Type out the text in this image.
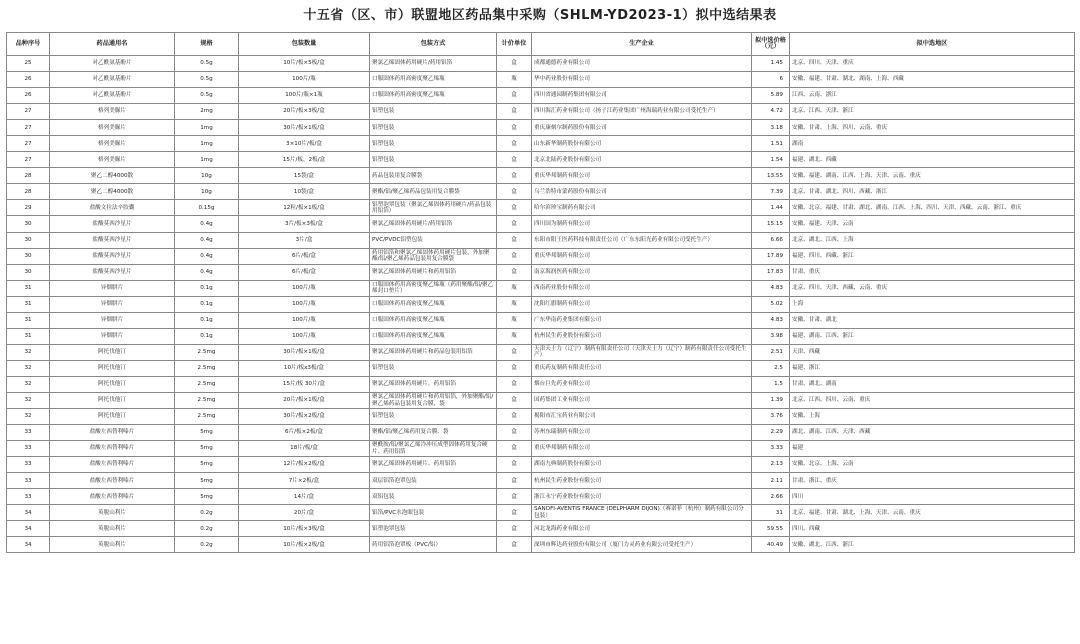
十五省（区、市）联盟地区药品集中采购（SHLM-YD2023-1）拟中选结果表
品种序号	药品通用名	规格	包装数量	包装方式	计价单位	生产企业	拟中选价格（元）	拟中选地区
25	对乙酰氨基酚片	0.5g	10片/板×5板/盒	聚氯乙烯固体药用硬片/药用铝箔	盒	成都通德药业有限公司	1.45	北京、四川、天津、重庆
26	对乙酰氨基酚片	0.5g	100片/瓶	口服固体药用高密度聚乙烯瓶	瓶	华中药业股份有限公司	6	安徽、福建、甘肃、湖北、湖南、上海、西藏
26	对乙酰氨基酚片	0.5g	100片/瓶×1瓶	口服固体药用高密度聚乙烯瓶	盒	四川省通园制药集团有限公司	5.89	江西、云南、浙江
27	格列美脲片	2mg	20片/板×3板/盒	铝塑包装	盒	四川海汇药业有限公司（扬子江药业集团广州海瑞药业有限公司受托生产）	4.72	北京、江西、天津、浙江
27	格列美脲片	1mg	30片/板×1板/盒	铝塑包装	盒	重庆康刻尔制药股份有限公司	3.18	安徽、甘肃、上海、四川、云南、重庆
27	格列美脲片	1mg	3×10片/板/盒	铝塑包装	盒	山东新华制药股份有限公司	1.51	湖南
27	格列美脲片	1mg	15片/板，2板/盒	铝塑包装	盒	北京北陆药业股份有限公司	1.54	福建、湖北、西藏
28	聚乙二醇4000散	10g	15袋/盒	药品包装用复合膜袋	盒	重庆华邦制药有限公司	13.55	安徽、福建、湖南、江西、上海、天津、云南、重庆
28	聚乙二醇4000散	10g	10袋/盒	聚酯/铝/聚乙烯药品包装用复合膜袋	盒	乌兰浩特市蒙药股份有限公司	7.39	北京、甘肃、湖北、四川、西藏、浙江
29	盐酸文拉法辛胶囊	0.15g	12粒/板×1板/盒	铝塑泡罩包装（聚氯乙烯固体药用硬片/药品包装用铝箔）	盒	哈尔滨珍宝制药有限公司	1.44	安徽、北京、福建、甘肃、湖北、湖南、江西、上海、四川、天津、西藏、云南、浙江、重庆
30	盐酸莫西沙星片	0.4g	3片/板×3板/盒	聚氯乙烯固体药用硬片/药用铝箔	盒	四川国为制药有限公司	15.15	安徽、福建、天津、云南
30	盐酸莫西沙星片	0.4g	3片/盒	PVC/PVDC铝塑包装	盒	东阳市阳王医药科技有限责任公司（广东东阳光药业有限公司受托生产）	6.66	北京、湖北、江西、上海
30	盐酸莫西沙星片	0.4g	6片/板/盒	药用铝箔和聚氯乙烯固体药用硬片包装，外加聚酯/铝/聚乙烯药品包装用复合膜袋	盒	重庆华邦制药有限公司	17.89	福建、四川、西藏、浙江
30	盐酸莫西沙星片	0.4g	6片/板/盒	聚氯乙烯固体药用硬片和药用铝箔	盒	南京海润医药有限公司	17.83	甘肃、重庆
31	异烟肼片	0.1g	100片/瓶	口服固体药用高密度聚乙烯瓶（药用聚酯/铝/聚乙烯封口垫片）	瓶	西南药业股份有限公司	4.83	北京、四川、天津、西藏、云南、重庆
31	异烟肼片	0.1g	100片/瓶	口服固体药用高密度聚乙烯瓶	瓶	沈阳红旗制药有限公司	5.02	上海
31	异烟肼片	0.1g	100片/瓶	口服固体药用高密度聚乙烯瓶	瓶	广东华南药业集团有限公司	4.83	安徽、甘肃、湖北
31	异烟肼片	0.1g	100片/瓶	口服固体药用高密度聚乙烯瓶	瓶	杭州民生药业股份有限公司	3.98	福建、湖南、江西、浙江
32	阿托伐他汀	2.5mg	30片/板×1板/盒	聚氯乙烯固体药用硬片和药品包装用铝箔	盒	天津天士力（辽宁）制药有限责任公司（天津天士力（辽宁）制药有限责任公司受托生产）	2.51	天津、西藏
32	阿托伐他汀	2.5mg	10片/板x3板/盒	铝塑包装	盒	重庆药友制药有限责任公司	2.5	福建、浙江
32	阿托伐他汀	2.5mg	15片/板 30片/盒	聚氯乙烯固体药用硬片，药用铝箔	盒	烟台巨先药业有限公司	1.5	甘肃、湖北、湖南
32	阿托伐他汀	2.5mg	20片/板×1板/盒	聚氯乙烯固体药用硬片和药用铝箔，外加聚酯/铝/聚乙烯药品包装用复合膜、袋	盒	国药集团工业有限公司	1.39	北京、江西、四川、云南、重庆
32	阿托伐他汀	2.5mg	30片/板×2板/盒	铝塑包装	盒	揭阳市汇宝药业有限公司	3.76	安徽、上海
33	盐酸左西替利嗪片	5mg	6片/板×2板/盒	聚酯/铝/聚乙烯药用复合膜、袋	盒	苏州东瑞制药有限公司	2.29	湖北、湖南、江西、天津、西藏
33	盐酸左西替利嗪片	5mg	18片/板/盒	聚酰胺/铝/聚氯乙烯冷冲压成型固体药用复合硬片、药用铝箔	盒	重庆华邦制药有限公司	3.33	福建
33	盐酸左西替利嗪片	5mg	12片/板×2板/盒	聚氯乙烯固体药用硬片、药用铝箔	盒	湖南九典制药股份有限公司	2.13	安徽、北京、上海、云南
33	盐酸左西替利嗪片	5mg	7片×2板/盒	双层铝箔泡罩包装	盒	杭州民生药业股份有限公司	2.11	甘肃、浙江、重庆
33	盐酸左西替利嗪片	5mg	14片/盒	双铝包装	盒	浙江永宁药业股份有限公司	2.66	四川
34	英脱山利片	0.2g	20片/盒	铝箔/PVC水泡眼包装	盒	SANOFI-AVENTIS FRANCE (DELPHARM DIJON)（赛诺菲（杭州）制药有限公司分包装）	31	北京、福建、甘肃、湖北、上海、天津、云南、重庆
34	英脱山利片	0.2g	10片/板×3板/盒	铝塑泡罩包装	盒	河北龙海药业有限公司	59.55	四川、西藏
34	英脱山利片	0.2g	10片/板×2板/盒	药用铝箔泡罩板（PVC/铝）	盒	深圳市辉达药业股份有限公司（厦门力灵药业有限公司受托生产）	40.49	安徽、湖北、江西、浙江
